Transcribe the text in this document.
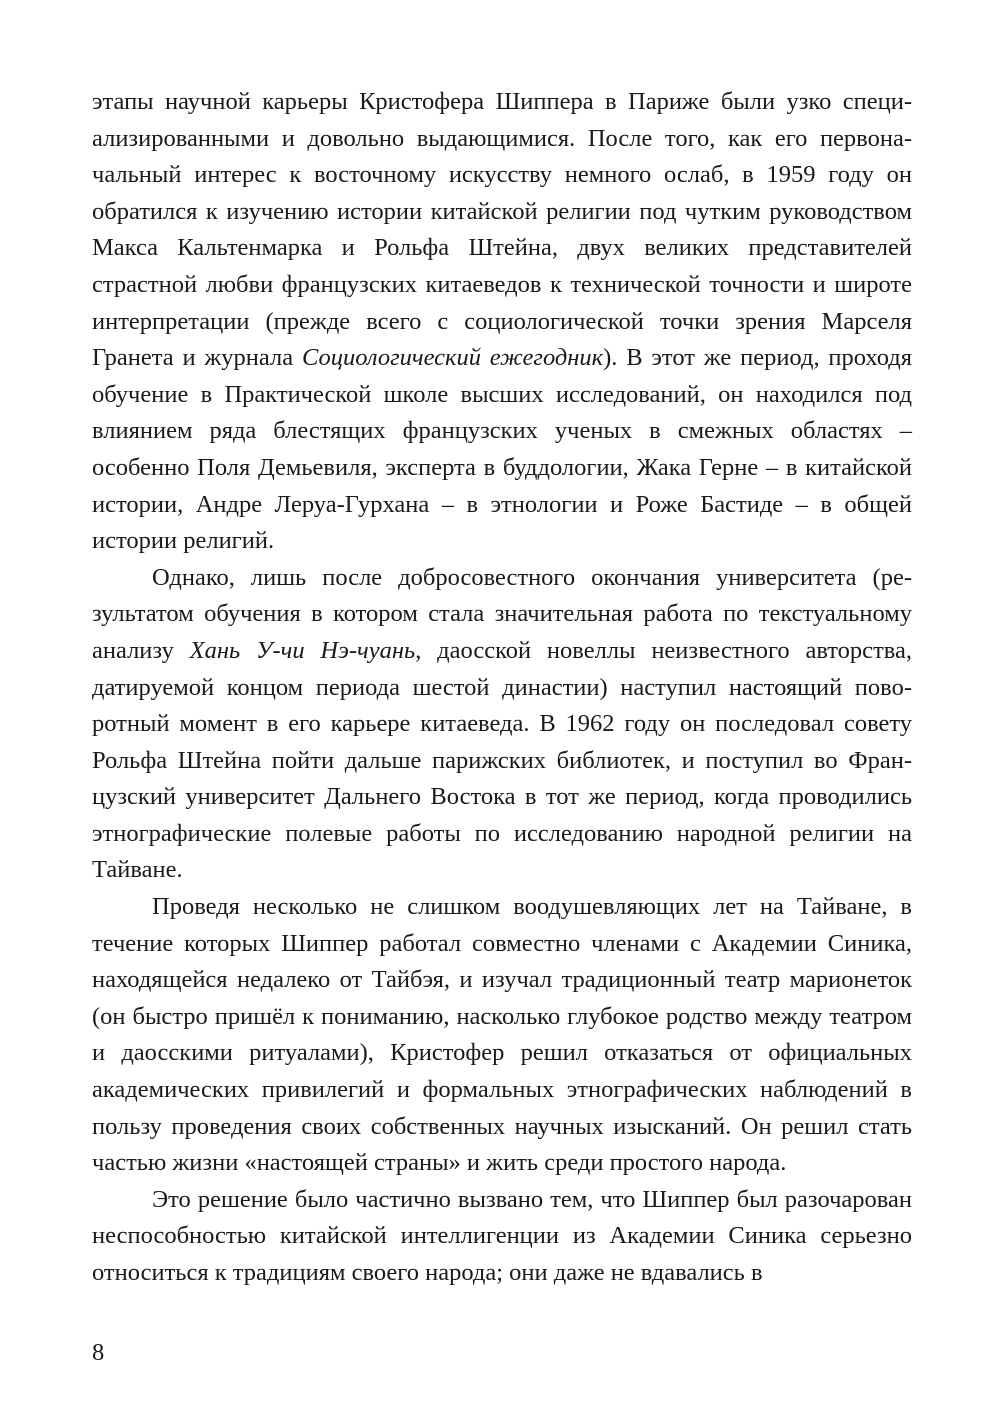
этапы научной карьеры Кристофера Шиппера в Париже были узко специализированными и довольно выдающимися. После того, как его первоначальный интерес к восточному искусству немного ослаб, в 1959 году он обратился к изучению истории китайской религии под чутким руководством Макса Кальтенмарка и Рольфа Штейна, двух великих представителей страстной любви французских китаеведов к технической точности и широте интерпретации (прежде всего с социологической точки зрения Марселя Гранета и журнала Социологический ежегодник). В этот же период, проходя обучение в Практической школе высших исследований, он находился под влиянием ряда блестящих французских ученых в смежных областях – особенно Поля Демьевиля, эксперта в буддологии, Жака Герне – в китайской истории, Андре Леруа-Гурхана – в этнологии и Роже Бастиде – в общей истории религий.

Однако, лишь после добросовестного окончания университета (результатом обучения в котором стала значительная работа по текстуальному анализу Хань У-чи Нэ-чуань, даосской новеллы неизвестного авторства, датируемой концом периода шестой династии) наступил настоящий поворотный момент в его карьере китаеведа. В 1962 году он последовал совету Рольфа Штейна пойти дальше парижских библиотек, и поступил во Французский университет Дальнего Востока в тот же период, когда проводились этнографические полевые работы по исследованию народной религии на Тайване.

Проведя несколько не слишком воодушевляющих лет на Тайване, в течение которых Шиппер работал совместно членами с Академии Синика, находящейся недалеко от Тайбэя, и изучал традиционный театр марионеток (он быстро пришёл к пониманию, насколько глубокое родство между театром и даосскими ритуалами), Кристофер решил отказаться от официальных академических привилегий и формальных этнографических наблюдений в пользу проведения своих собственных научных изысканий. Он решил стать частью жизни «настоящей страны» и жить среди простого народа.

Это решение было частично вызвано тем, что Шиппер был разочарован неспособностью китайской интеллигенции из Академии Синика серьезно относиться к традициям своего народа; они даже не вдавались в

8
